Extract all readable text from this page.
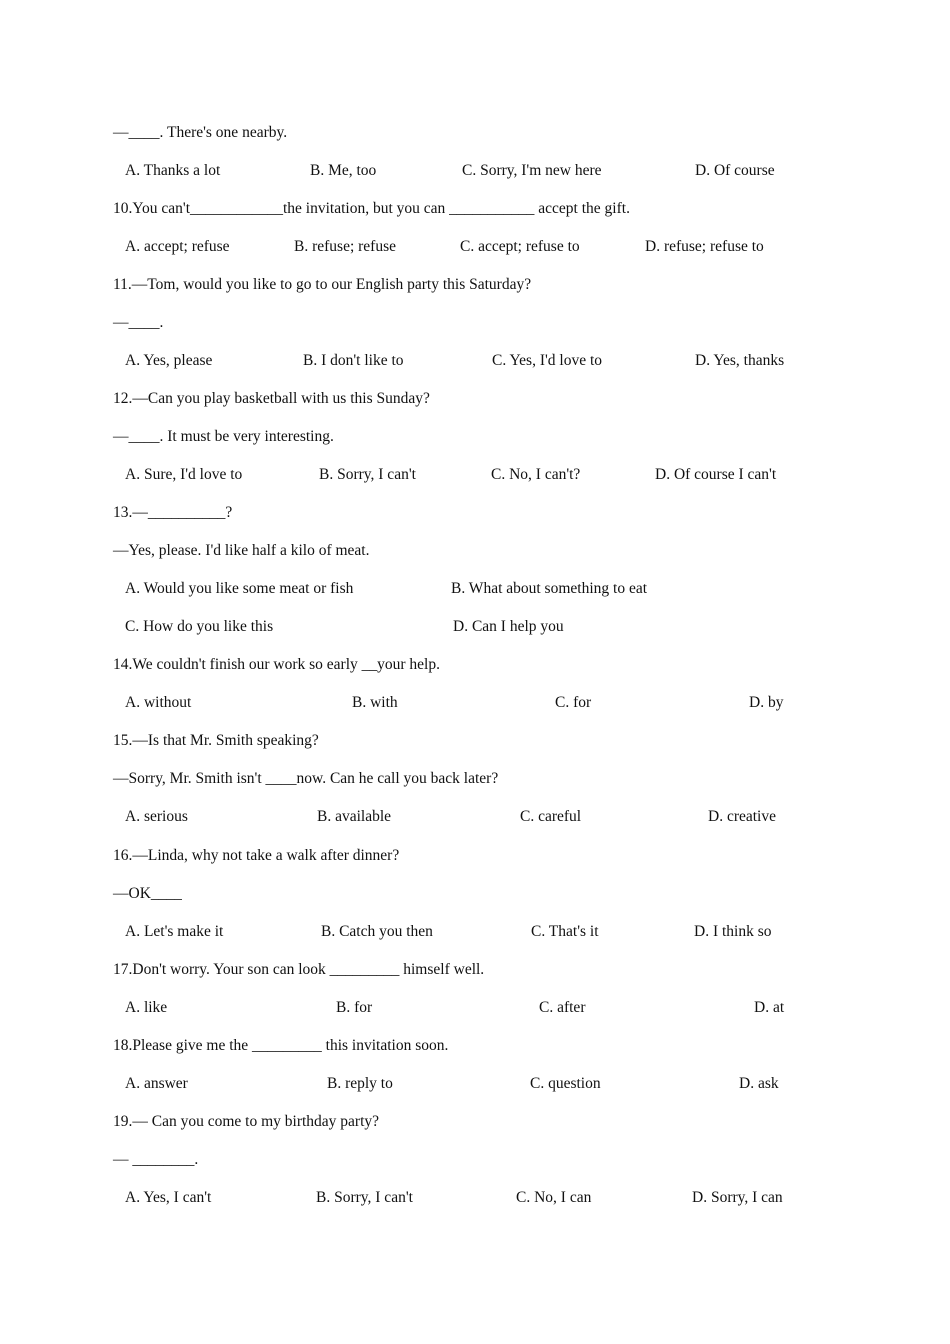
—____. There's one nearby.
A. Thanks a lot	B. Me, too	C. Sorry, I'm new here	D. Of course
10.You can't____________the invitation, but you can ___________ accept the gift.
A. accept; refuse	B. refuse; refuse	C. accept; refuse to	D. refuse; refuse to
11.—Tom, would you like to go to our English party this Saturday?
—____.
A. Yes, please	B. I don't like to	C. Yes, I'd love to	D. Yes, thanks
12.—Can you play basketball with us this Sunday?
—____. It must be very interesting.
A. Sure, I'd love to	B. Sorry, I can't	C. No, I can't?	D. Of course I can't
13.—__________?
—Yes, please. I'd like half a kilo of meat.
A. Would you like some meat or fish	B. What about something to eat
C. How do you like this	D. Can I help you
14.We couldn't finish our work so early __your help.
A. without	B. with	C. for	D. by
15.—Is that Mr. Smith speaking?
—Sorry, Mr. Smith isn't ____now. Can he call you back later?
A. serious	B. available	C. careful	D. creative
16.—Linda, why not take a walk after dinner?
—OK____
A. Let's make it	B. Catch you then	C. That's it	D. I think so
17.Don't worry. Your son can look _________ himself well.
A. like	B. for	C. after	D. at
18.Please give me the _________ this invitation soon.
A. answer	B. reply to	C. question	D. ask
19.— Can you come to my birthday party?
— ________.
A. Yes, I can't	B. Sorry, I can't	C. No, I can	D. Sorry, I can
